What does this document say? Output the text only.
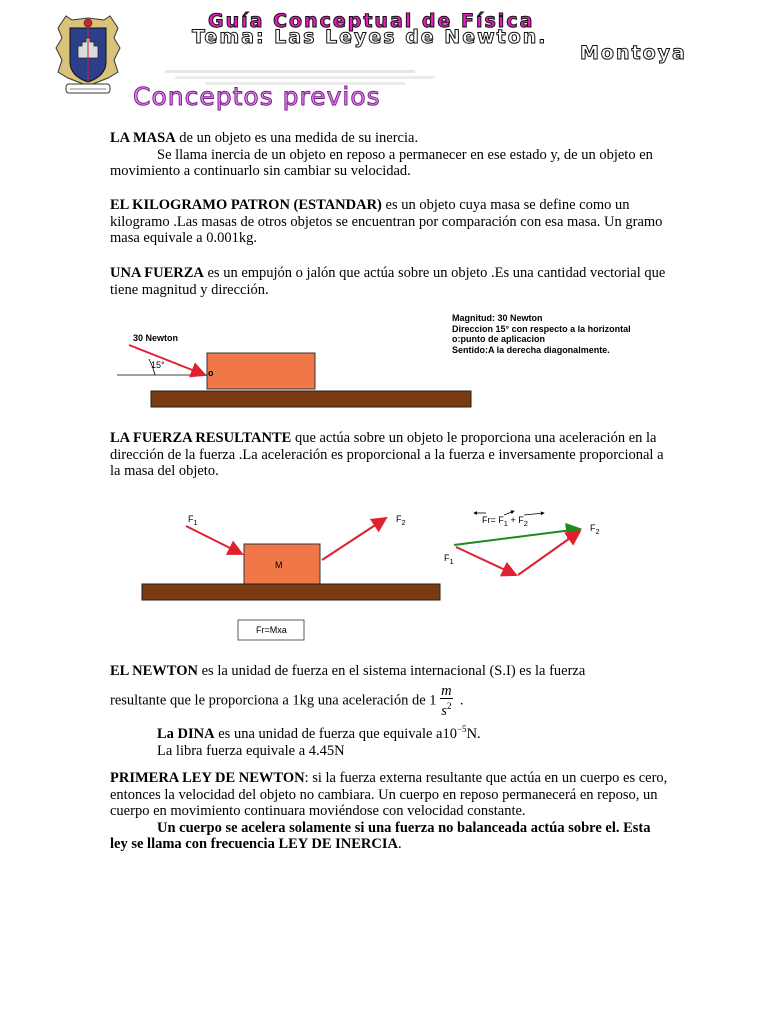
Guía Conceptual de Física
Tema: Las Leyes de Newton.
Montoya
Conceptos previos

LA MASA de un objeto es una medida de su inercia.

Se llama inercia de un objeto en reposo a permanecer en ese estado y, de un objeto en movimiento a continuarlo sin cambiar su velocidad.

EL KILOGRAMO PATRON (ESTANDAR) es un objeto cuya masa se define como un kilogramo .Las masas de otros objetos se encuentran por comparación con esa masa. Un gramo masa equivale a 0.001kg.

UNA FUERZA es un empujón o jalón que actúa sobre un objeto .Es una cantidad vectorial que tiene magnitud y dirección.

30 Newton
15°
o
Magnitud: 30 Newton
Direccion 15° con respecto a la horizontal
o:punto de aplicacion
Sentido:A la derecha diagonalmente.

LA FUERZA RESULTANTE que actúa sobre un objeto le proporciona una aceleración en la dirección de la fuerza .La aceleración es proporcional a la fuerza e inversamente proporcional a la masa del objeto.

$F_1$	$F_2$
M
Fr=Mxa
$Fr= F_1 + F_2$	$F_2$
$F_1$

EL NEWTON es la unidad de fuerza en el sistema internacional (S.I) es la fuerza

resultante que le proporciona a 1kg una aceleración de $1 \frac{m}{s^2}$ .

La DINA es una unidad de fuerza que equivale $a10^{-5}N$.

La libra fuerza equivale a 4.45N

PRIMERA LEY DE NEWTON: si la fuerza externa resultante que actúa en un cuerpo es cero, entonces la velocidad del objeto no cambiara. Un cuerpo en reposo permanecerá en reposo, un cuerpo en movimiento continuara moviéndose con velocidad constante.

Un cuerpo se acelera solamente si una fuerza no balanceada actúa sobre el. Esta ley se llama con frecuencia LEY DE INERCIA.
